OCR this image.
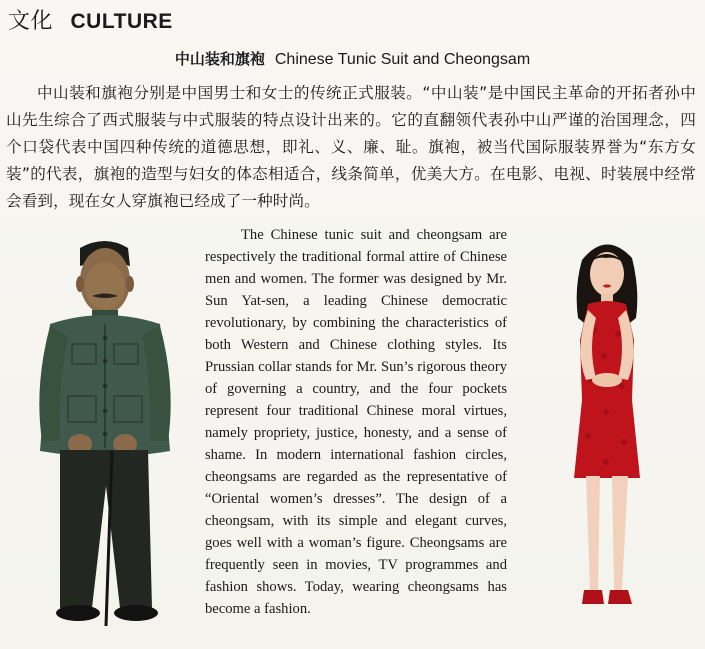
文化 CULTURE
中山装和旗袍 Chinese Tunic Suit and Cheongsam
中山装和旗袍分别是中国男士和女士的传统正式服装。“中山装”是中国民主革命的开拓者孙中山先生综合了西式服装与中式服装的特点设计出来的。它的直翻领代表孙中山严谨的治国理念，四个口袋代表中国四种传统的道德思想，即礼、义、廉、耻。旗袍，被当代国际服装界誉为“东方女装”的代表，旗袍的造型与妇女的体态相适合，线条简单，优美大方。在电影、电视、时装展中经常会看到，现在女人穿旗袍已经成了一种时尚。
The Chinese tunic suit and cheongsam are respectively the traditional formal attire of Chinese men and women. The former was designed by Mr. Sun Yat-sen, a leading Chinese democratic revolutionary, by combining the characteristics of both Western and Chinese clothing styles. Its Prussian collar stands for Mr. Sun’s rigorous theory of governing a country, and the four pockets represent four traditional Chinese moral virtues, namely propriety, justice, honesty, and a sense of shame. In modern international fashion circles, cheongsams are regarded as the representative of “Oriental women’s dresses”. The design of a cheongsam, with its simple and elegant curves, goes well with a woman’s figure. Cheongsams are frequently seen in movies, TV programmes and fashion shows. Today, wearing cheongsams has become a fashion.
